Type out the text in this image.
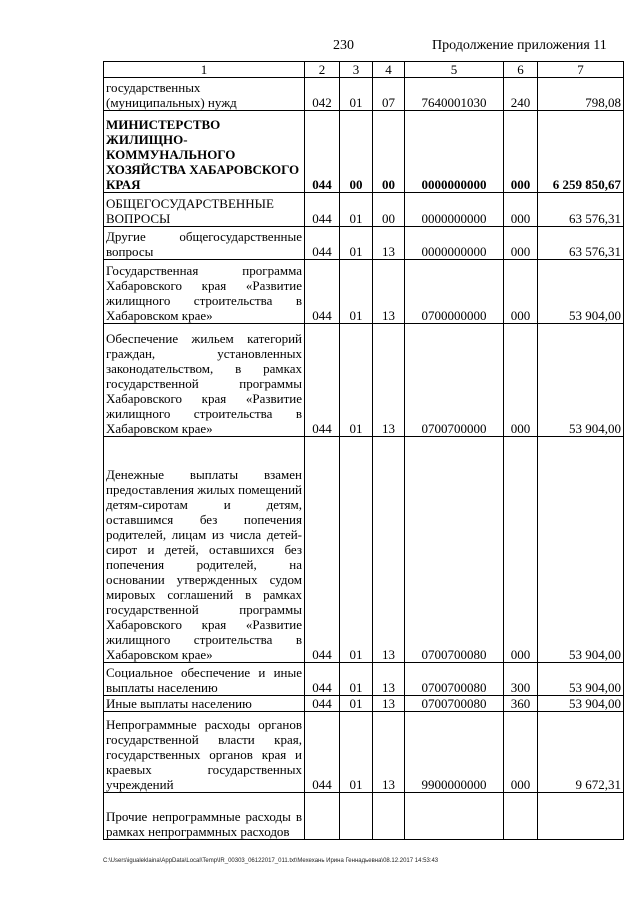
230	Продолжение приложения 11
1	2	3	4	5	6	7
государственных (муниципальных) нужд	042	01	07	7640001030	240	798,08
МИНИСТЕРСТВО ЖИЛИЩНО-КОММУНАЛЬНОГО ХОЗЯЙСТВА ХАБАРОВСКОГО КРАЯ	044	00	00	0000000000	000	6 259 850,67
ОБЩЕГОСУДАРСТВЕННЫЕ ВОПРОСЫ	044	01	00	0000000000	000	63 576,31
Другие общегосударственные вопросы	044	01	13	0000000000	000	63 576,31
Государственная программа Хабаровского края «Развитие жилищного строительства в Хабаровском крае»	044	01	13	0700000000	000	53 904,00
Обеспечение жильем категорий граждан, установленных законодательством, в рамках государственной программы Хабаровского края «Развитие жилищного строительства в Хабаровском крае»	044	01	13	0700700000	000	53 904,00
Денежные выплаты взамен предоставления жилых помещений детям-сиротам и детям, оставшимся без попечения родителей, лицам из числа детей-сирот и детей, оставшихся без попечения родителей, на основании утвержденных судом мировых соглашений в рамках государственной программы Хабаровского края «Развитие жилищного строительства в Хабаровском крае»	044	01	13	0700700080	000	53 904,00
Социальное обеспечение и иные выплаты населению	044	01	13	0700700080	300	53 904,00
Иные выплаты населению	044	01	13	0700700080	360	53 904,00
Непрограммные расходы органов государственной власти края, государственных органов края и краевых государственных учреждений	044	01	13	9900000000	000	9 672,31
Прочие непрограммные расходы в рамках непрограммных расходов						
C:\Users\igualeklaina\AppData\Local\Temp\IR_00303_06122017_011.txt\Мехехань Ирина Геннадьевна\08.12.2017 14:53:43
